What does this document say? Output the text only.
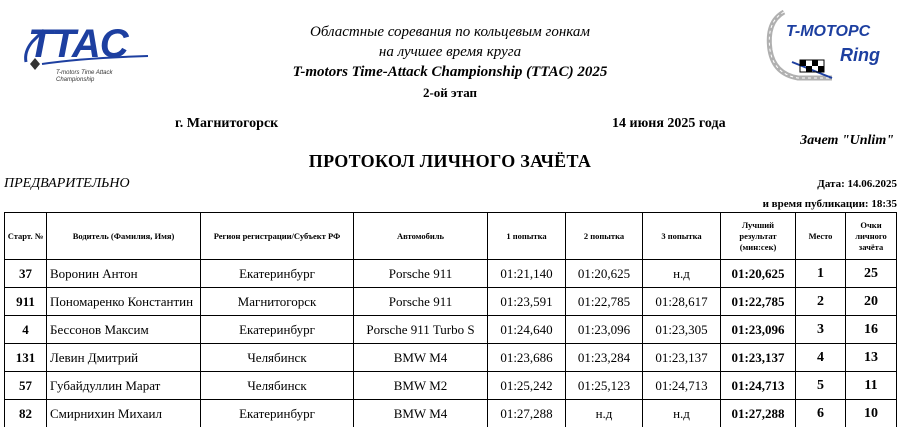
TTAC
T-motors Time Attack
Championship
T-МОТОРС
Ring
Областные соревания по кольцевым гонкам
на лучшее время круга
T-motors Time-Attack Championship (TTAC) 2025
2-ой этап
г. Магнитогорск	14 июня 2025 года
Зачет "Unlim"
ПРОТОКОЛ ЛИЧНОГО ЗАЧЁТА
ПРЕДВАРИТЕЛЬНО	Дата: 14.06.2025
и время публикации: 18:35
Старт. №	Водитель (Фамилия, Имя)	Регион регистрации/Субъект РФ	Автомобиль	1 попытка	2 попытка	3 попытка	Лучший результат (мин:сек)	Место	Очки личного зачёта
37	Воронин Антон	Екатеринбург	Porsche 911	01:21,140	01:20,625	н.д	01:20,625	1	25
911	Пономаренко Константин	Магнитогорск	Porsche 911	01:23,591	01:22,785	01:28,617	01:22,785	2	20
4	Бессонов Максим	Екатеринбург	Porsche 911 Turbo S	01:24,640	01:23,096	01:23,305	01:23,096	3	16
131	Левин Дмитрий	Челябинск	BMW M4	01:23,686	01:23,284	01:23,137	01:23,137	4	13
57	Губайдуллин Марат	Челябинск	BMW M2	01:25,242	01:25,123	01:24,713	01:24,713	5	11
82	Смирнихин Михаил	Екатеринбург	BMW M4	01:27,288	н.д	н.д	01:27,288	6	10
